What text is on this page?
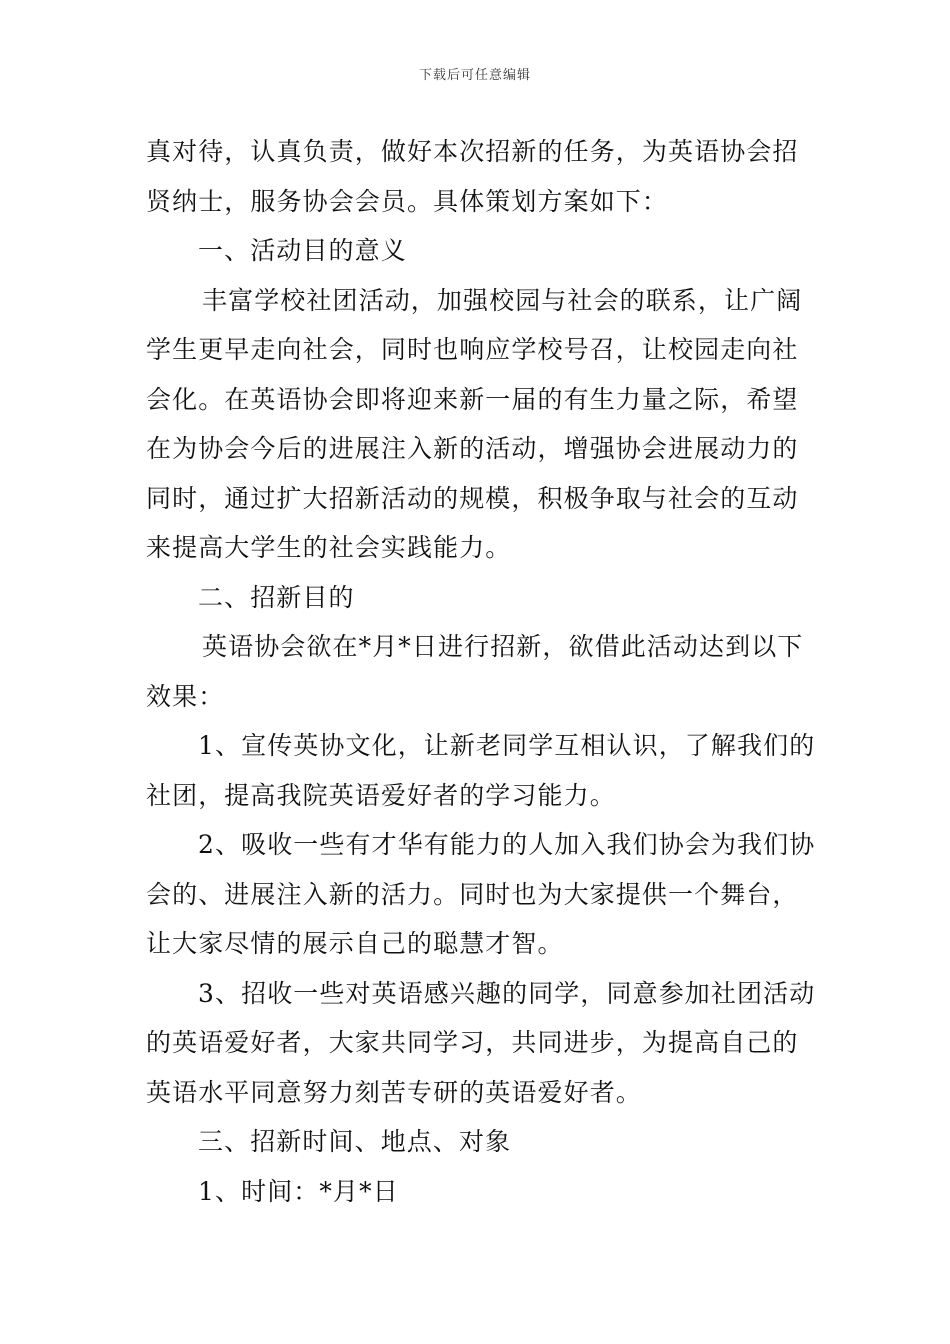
下载后可任意编辑
真对待，认真负责，做好本次招新的任务，为英语协会招
贤纳士，服务协会会员。具体策划方案如下：
一、活动目的意义
丰富学校社团活动，加强校园与社会的联系，让广阔
学生更早走向社会，同时也响应学校号召，让校园走向社
会化。在英语协会即将迎来新一届的有生力量之际，希望
在为协会今后的进展注入新的活动，增强协会进展动力的
同时，通过扩大招新活动的规模，积极争取与社会的互动
来提高大学生的社会实践能力。
二、招新目的
英语协会欲在*月*日进行招新，欲借此活动达到以下
效果：
1、宣传英协文化，让新老同学互相认识，了解我们的
社团，提高我院英语爱好者的学习能力。
2、吸收一些有才华有能力的人加入我们协会为我们协
会的、进展注入新的活力。同时也为大家提供一个舞台，
让大家尽情的展示自己的聪慧才智。
3、招收一些对英语感兴趣的同学，同意参加社团活动
的英语爱好者，大家共同学习，共同进步，为提高自己的
英语水平同意努力刻苦专研的英语爱好者。
三、招新时间、地点、对象
1、时间：*月*日
